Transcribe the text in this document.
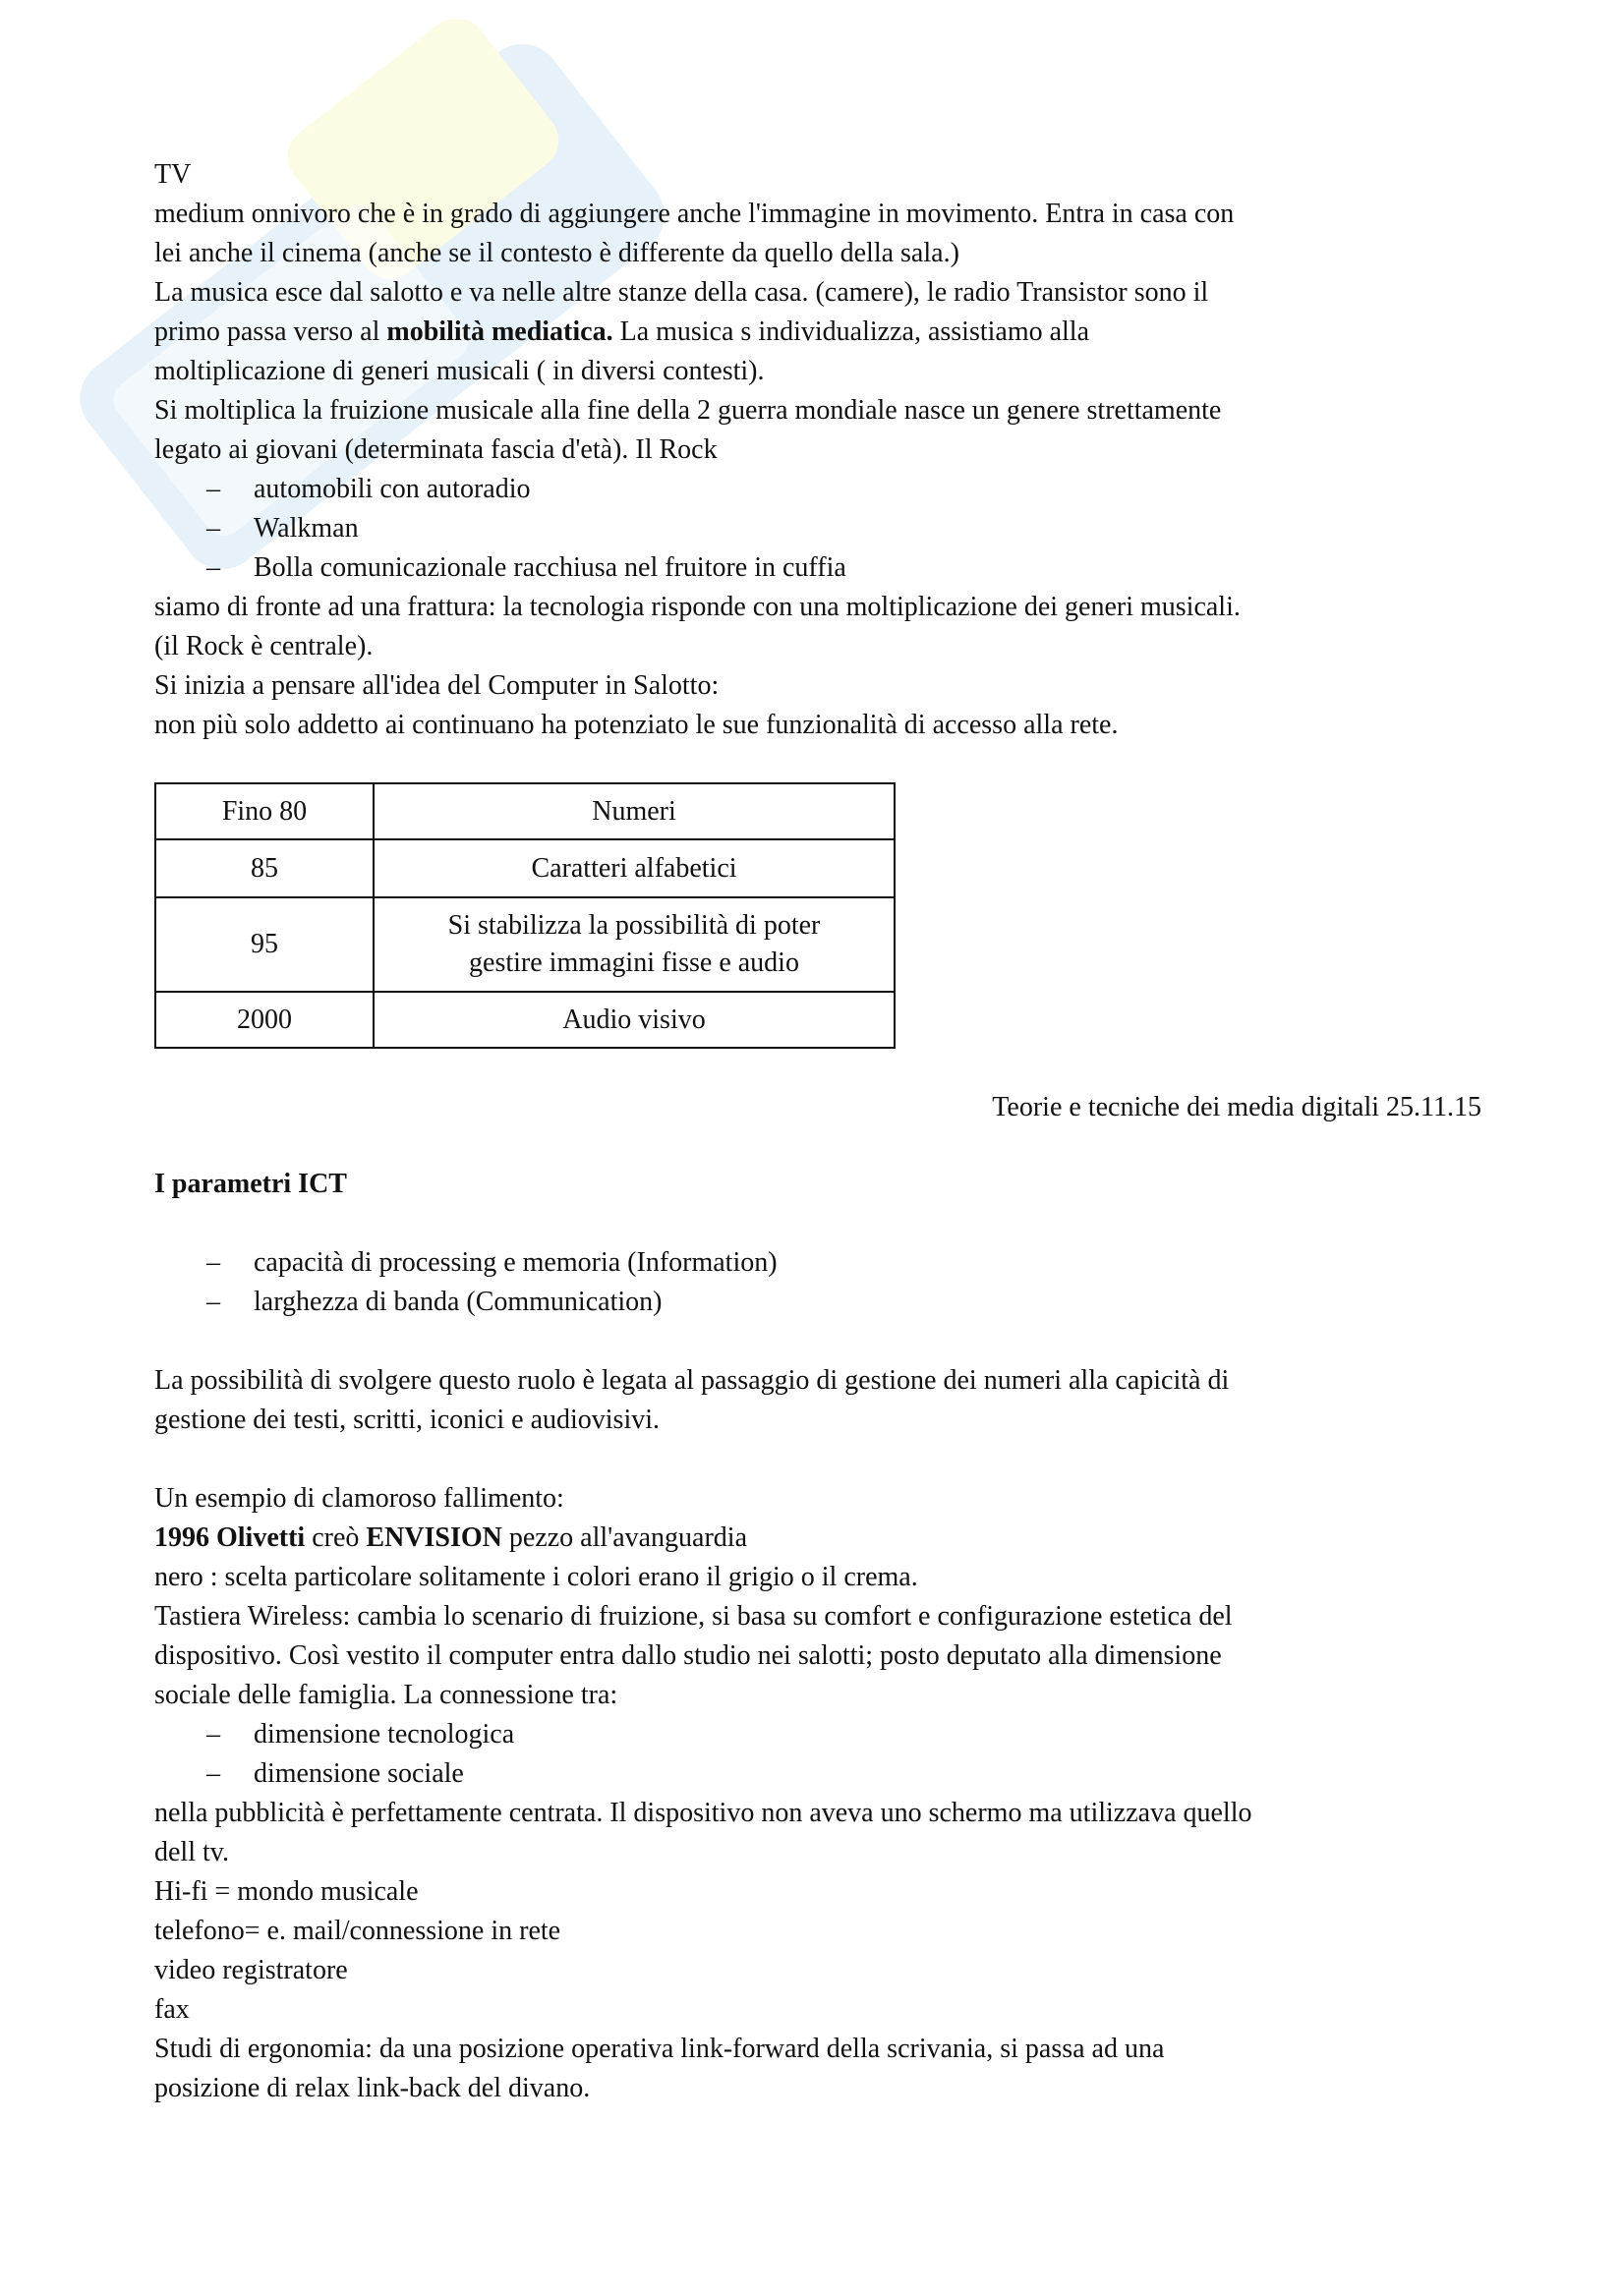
TV

medium onnivoro che è in grado di aggiungere anche l'immagine in movimento. Entra in casa con

lei anche il cinema (anche se il contesto è differente da quello della sala.)

La musica esce dal salotto e va nelle altre stanze della casa. (camere), le radio Transistor sono il

primo passa verso al mobilità mediatica. La musica s individualizza, assistiamo alla

moltiplicazione di generi musicali ( in diversi contesti).

Si moltiplica la fruizione musicale alla fine della 2 guerra mondiale nasce un genere strettamente

legato ai giovani (determinata fascia d'età). Il Rock

– automobili con autoradio
– Walkman
– Bolla comunicazionale racchiusa nel fruitore in cuffia

siamo di fronte ad una frattura: la tecnologia risponde con una moltiplicazione dei generi musicali.

(il Rock è centrale).

Si inizia a pensare all'idea del Computer in Salotto:

non più solo addetto ai continuano ha potenziato le sue funzionalità di accesso alla rete.

Fino 80	Numeri
85	Caratteri alfabetici
95	Si stabilizza la possibilità di poter
gestire immagini fisse e audio

2000	Audio visivo

Teorie e tecniche dei media digitali 25.11.15

I parametri ICT

– capacità di processing e memoria (Information)
– larghezza di banda (Communication)

La possibilità di svolgere questo ruolo è legata al passaggio di gestione dei numeri alla capicità di

gestione dei testi, scritti, iconici e audiovisivi.

Un esempio di clamoroso fallimento:

1996 Olivetti creò ENVISION pezzo all'avanguardia

nero : scelta particolare solitamente i colori erano il grigio o il crema.

Tastiera Wireless: cambia lo scenario di fruizione, si basa su comfort e configurazione estetica del

dispositivo. Così vestito il computer entra dallo studio nei salotti; posto deputato alla dimensione

sociale delle famiglia. La connessione tra:

– dimensione tecnologica
– dimensione sociale

nella pubblicità è perfettamente centrata. Il dispositivo non aveva uno schermo ma utilizzava quello

dell tv.

Hi-fi = mondo musicale

telefono= e. mail/connessione in rete

video registratore

fax

Studi di ergonomia: da una posizione operativa link-forward della scrivania, si passa ad una

posizione di relax link-back del divano.
